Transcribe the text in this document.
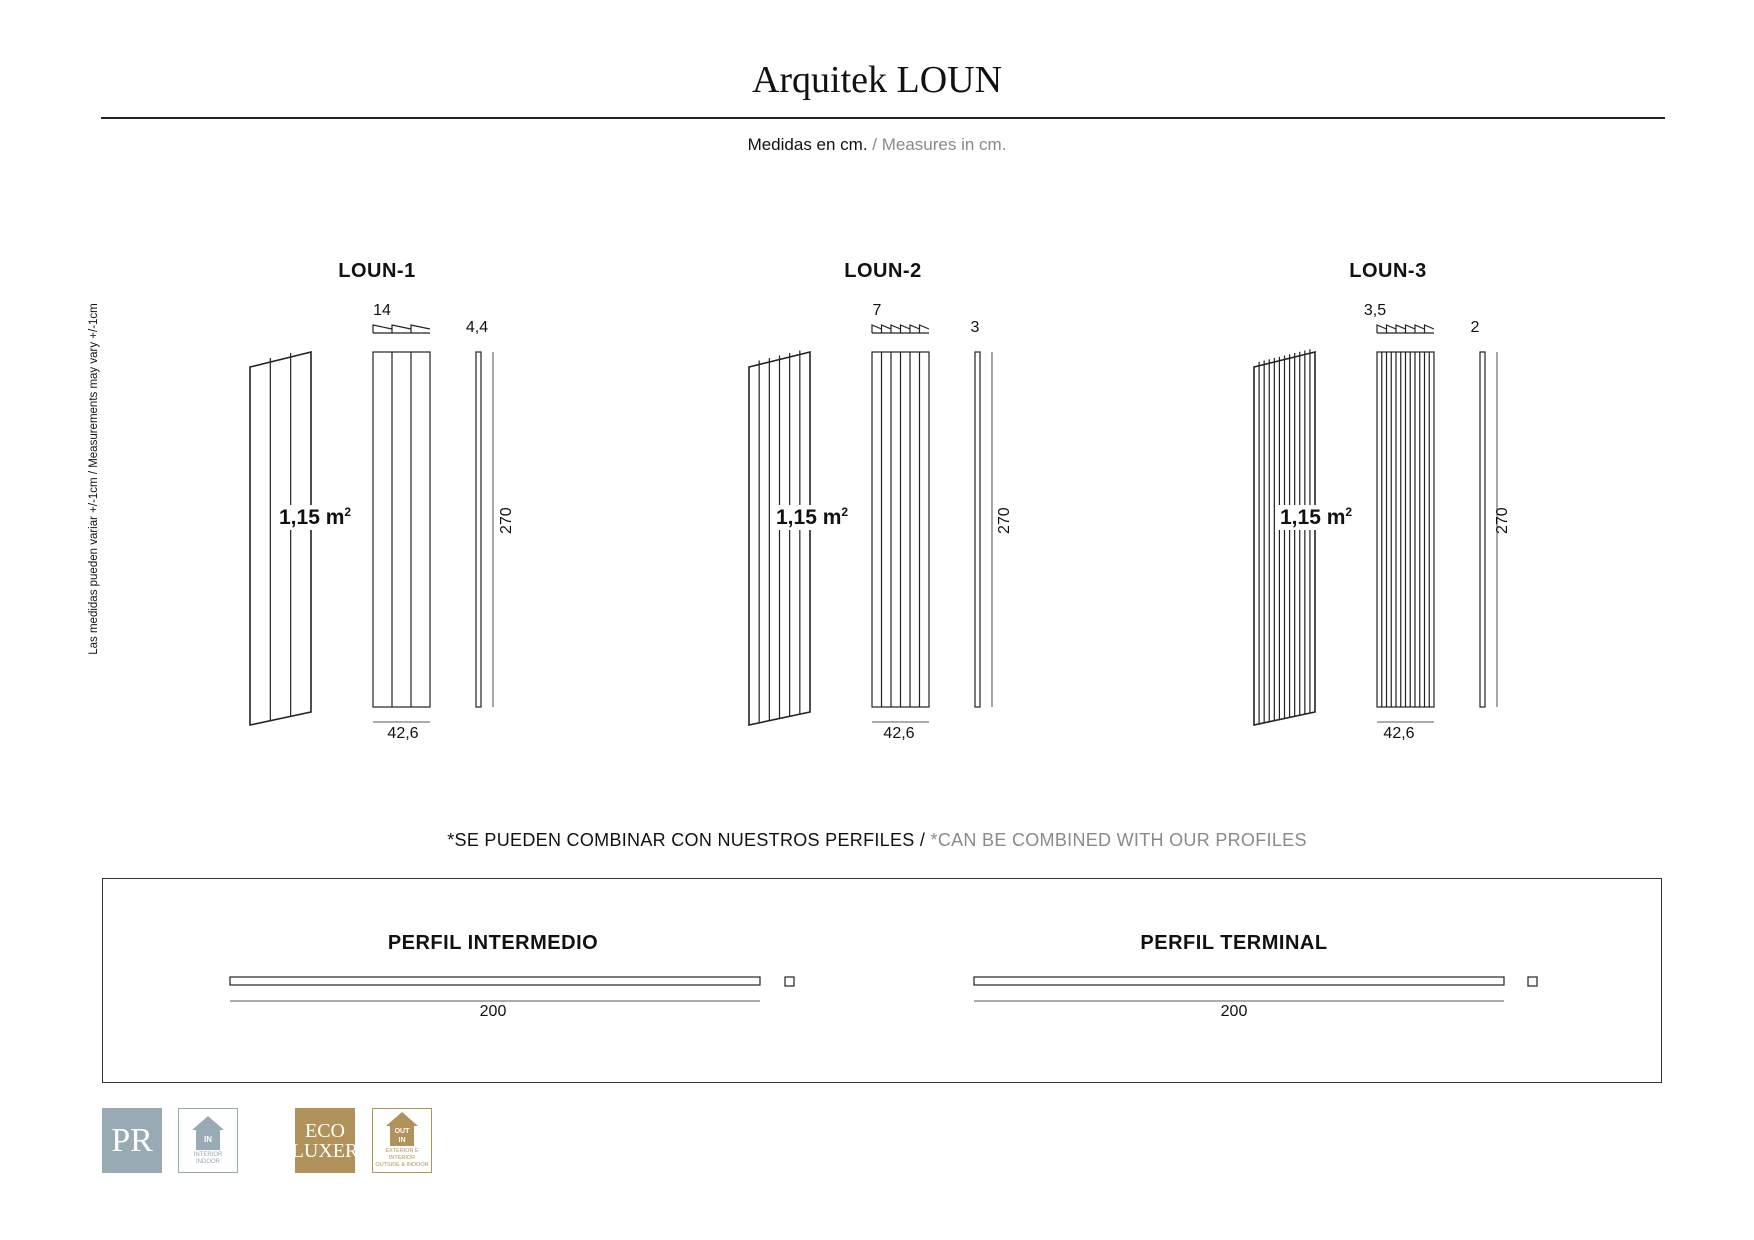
Arquitek LOUN
Medidas en cm. / Measures in cm.
Las medidas pueden variar +/-1cm / Measurements may vary +/-1cm
LOUN-1
14
4,4
270
42,6
1,15 $m^2$
LOUN-2
7
3
270
42,6
1,15 $m^2$
LOUN-3
3,5
2
270
42,6
1,15 $m^2$
*SE PUEDEN COMBINAR CON NUESTROS PERFILES / *CAN BE COMBINED WITH OUR PROFILES
PERFIL INTERMEDIO
200
PERFIL TERMINAL
200
PR	IN
INTERIOR
INDOOR
ECO
LUXER
OUT
IN
EXTERIOR E INTERIOR
OUTSIDE & INDOOR
